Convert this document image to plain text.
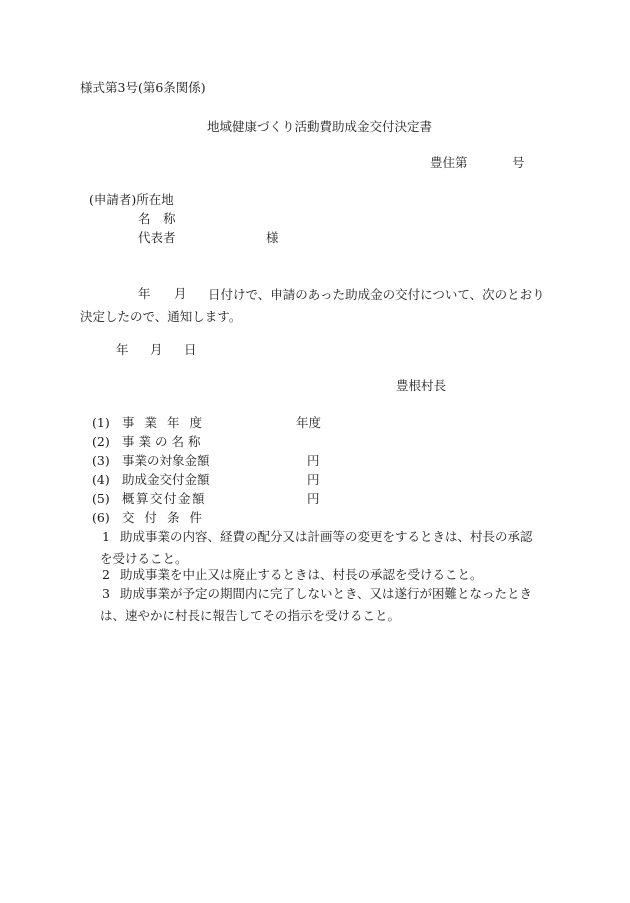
様式第3号(第6条関係)
地域健康づくり活動費助成金交付決定書
豊住第	号
(申請者)所在地
名　称
代表者	様
年 月	日付けで、申請のあった助成金の交付について、次のとおり決定したので、通知します。
年 月 日
豊根村長
(1) 事業年度	年度
(2) 事業の名称
(3) 事業の対象金額	円
(4) 助成金交付金額	円
(5) 概算交付金額	円
(6) 交付条件
1 助成事業の内容、経費の配分又は計画等の変更をするときは、村長の承認を受けること。
2 助成事業を中止又は廃止するときは、村長の承認を受けること。
3 助成事業が予定の期間内に完了しないとき、又は遂行が困難となったときは、速やかに村長に報告してその指示を受けること。
